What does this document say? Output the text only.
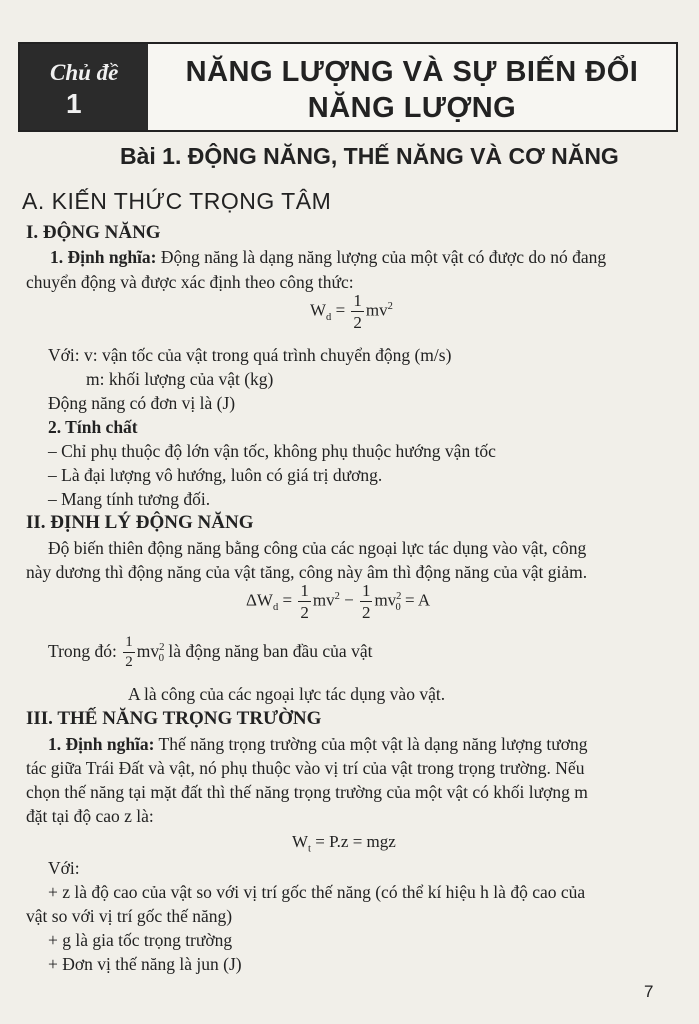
Chủ đề
1
NĂNG LƯỢNG VÀ SỰ BIẾN ĐỔI
NĂNG LƯỢNG
Bài 1. ĐỘNG NĂNG, THẾ NĂNG VÀ CƠ NĂNG
A. KIẾN THỨC TRỌNG TÂM
I. ĐỘNG NĂNG
1. Định nghĩa: Động năng là dạng năng lượng của một vật có được do nó đang
chuyển động và được xác định theo công thức:
$W_d = \frac{1}{2} mv^2$
Với: v: vận tốc của vật trong quá trình chuyển động (m/s)
m: khối lượng của vật (kg)
Động năng có đơn vị là (J)
2. Tính chất
– Chỉ phụ thuộc độ lớn vận tốc, không phụ thuộc hướng vận tốc
– Là đại lượng vô hướng, luôn có giá trị dương.
– Mang tính tương đối.
II. ĐỊNH LÝ ĐỘNG NĂNG
Độ biến thiên động năng bằng công của các ngoại lực tác dụng vào vật, công
này dương thì động năng của vật tăng, công này âm thì động năng của vật giảm.
$\Delta W_d = \frac{1}{2} mv^2 - \frac{1}{2} mv^2_0 = A$
Trong đó: $\frac{1}{2} mv^2_0$ là động năng ban đầu của vật
A là công của các ngoại lực tác dụng vào vật.
III. THẾ NĂNG TRỌNG TRƯỜNG
1. Định nghĩa: Thế năng trọng trường của một vật là dạng năng lượng tương
tác giữa Trái Đất và vật, nó phụ thuộc vào vị trí của vật trong trọng trường. Nếu
chọn thế năng tại mặt đất thì thế năng trọng trường của một vật có khối lượng m
đặt tại độ cao z là:
$W_t = P.z$ = mgz
Với:
+ z là độ cao của vật so với vị trí gốc thế năng (có thể kí hiệu h là độ cao của
vật so với vị trí gốc thế năng)
+ g là gia tốc trọng trường
+ Đơn vị thế năng là jun (J)
7
